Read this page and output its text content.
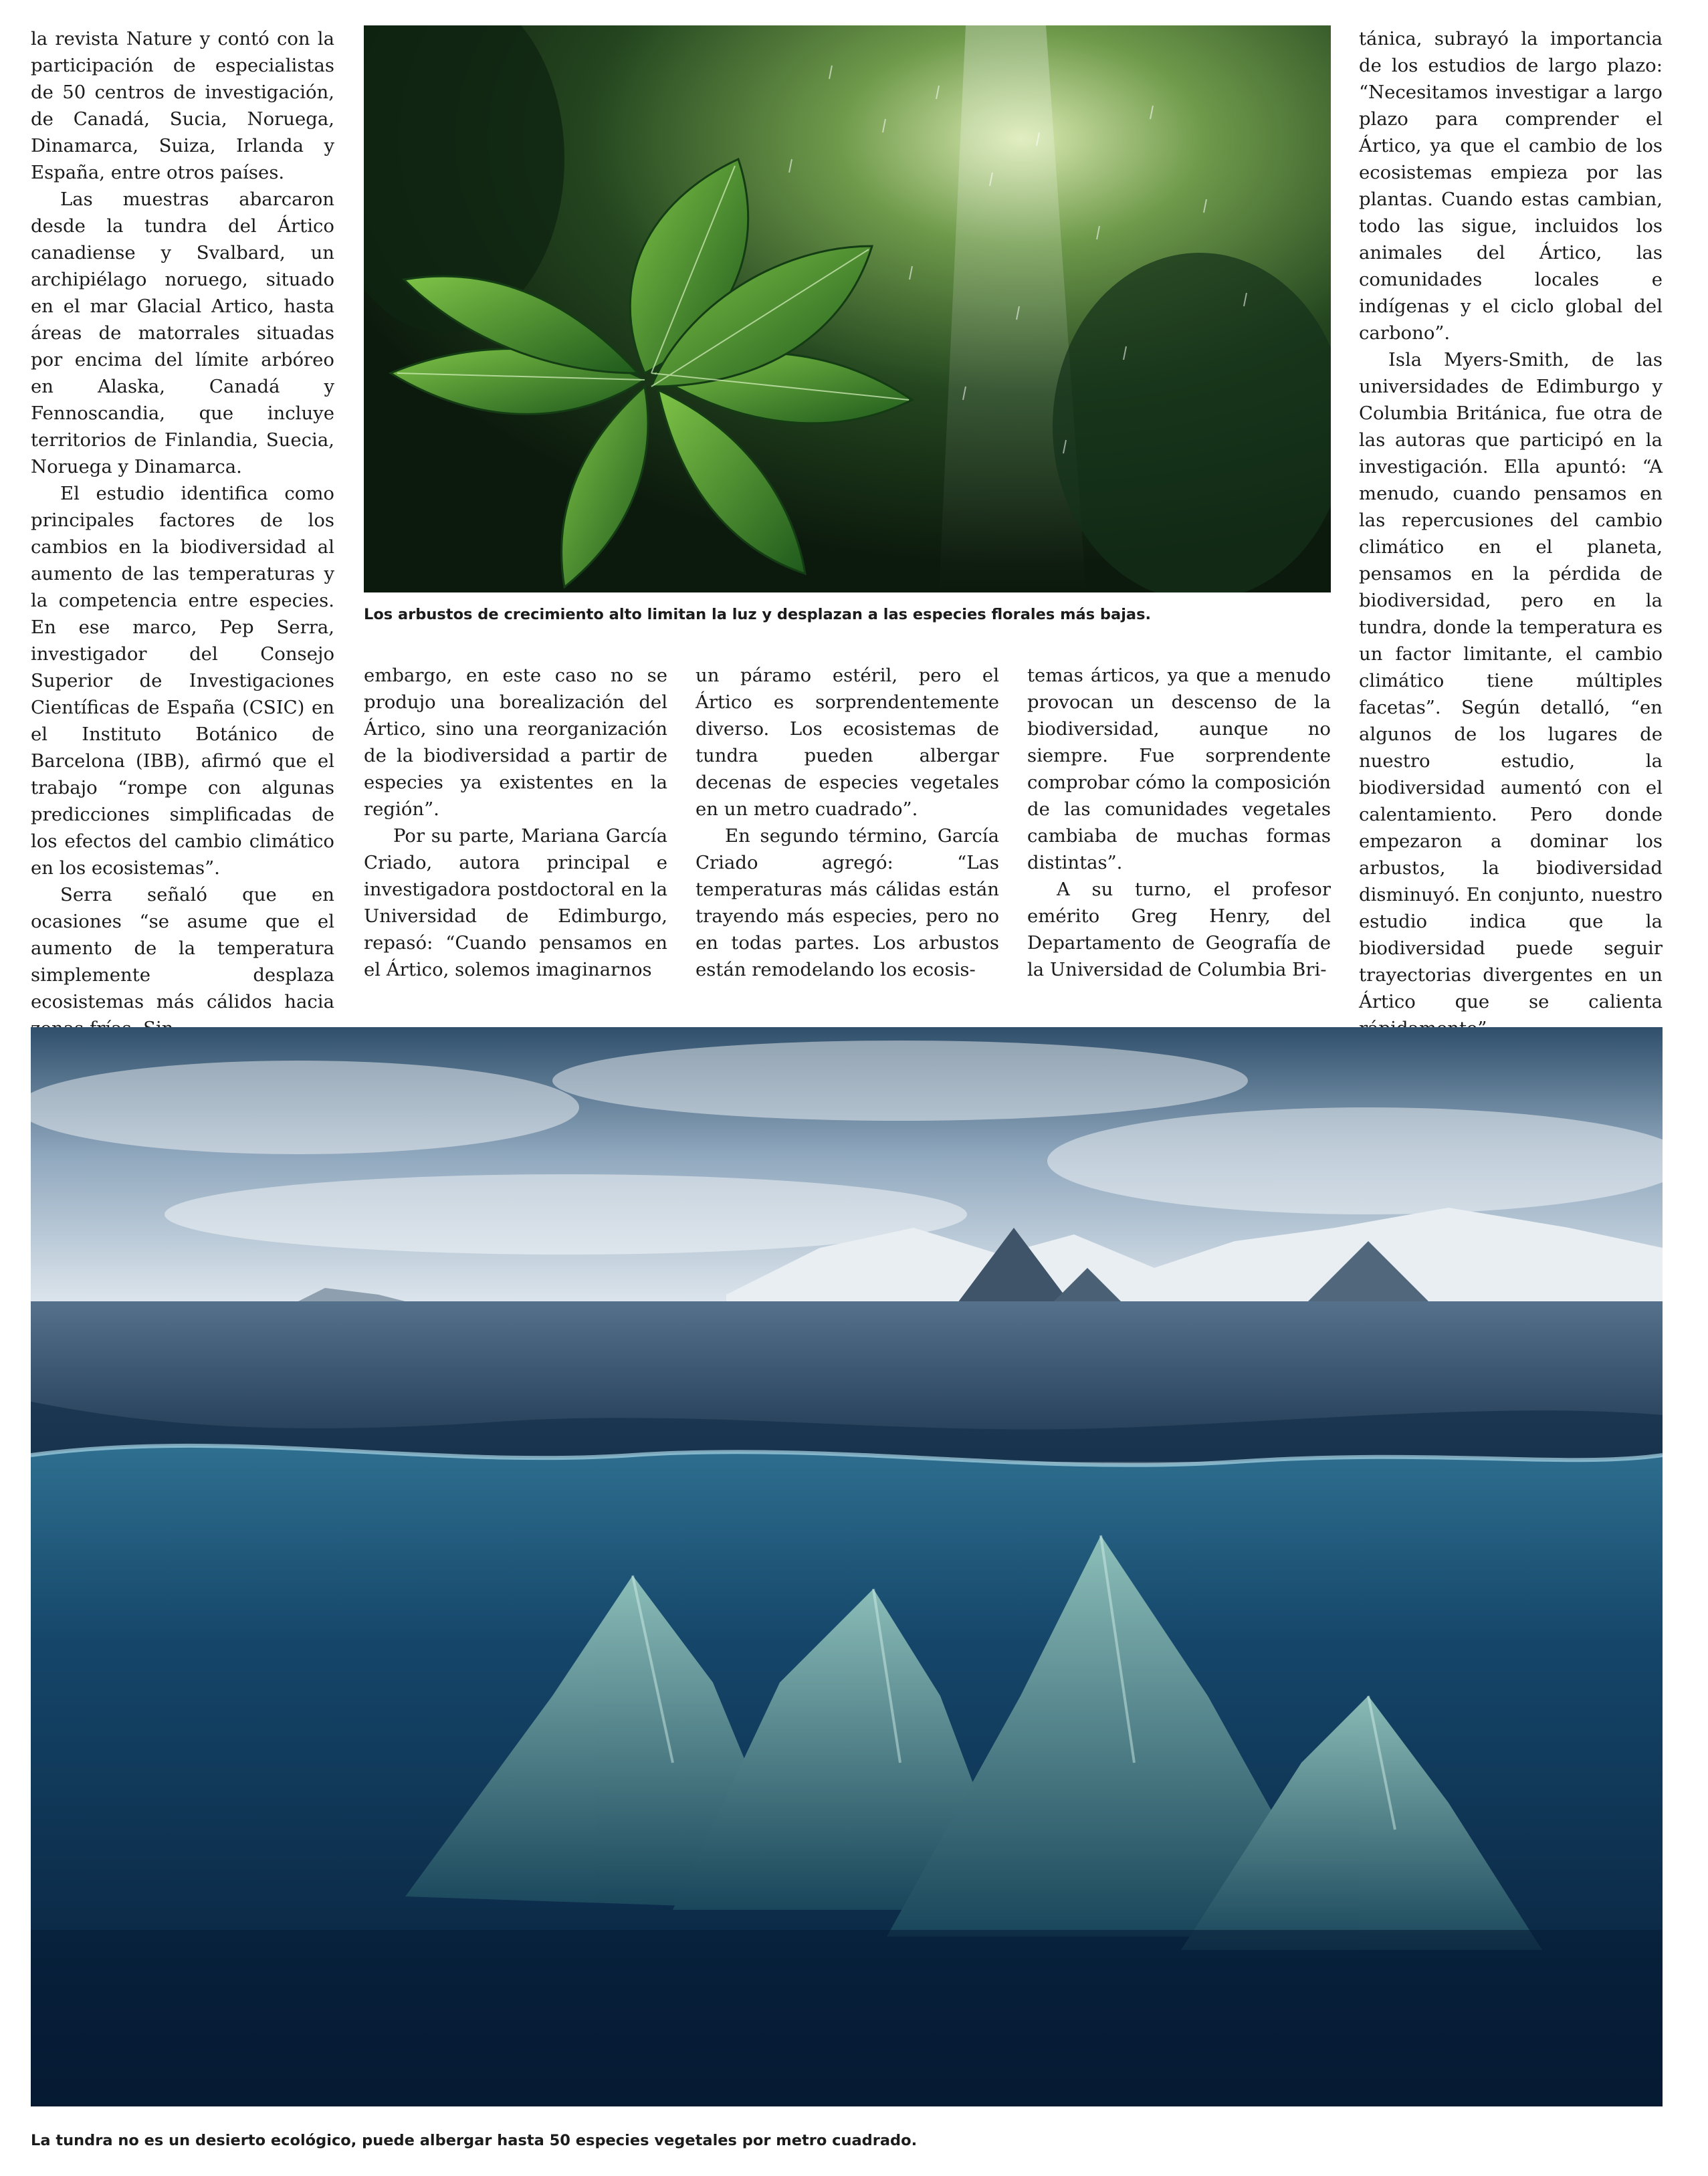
la revista Nature y contó con la participación de especialistas de 50 centros de investigación, de Canadá, Sucia, Noruega, Dinamarca, Suiza, Irlanda y España, entre otros países.

Las muestras abarcaron desde la tundra del Ártico canadiense y Svalbard, un archipiélago noruego, situado en el mar Glacial Artico, hasta áreas de matorrales situadas por encima del límite arbóreo en Alaska, Canadá y Fennoscandia, que incluye territorios de Finlandia, Suecia, Noruega y Dinamarca.

El estudio identifica como principales factores de los cambios en la biodiversidad al aumento de las temperaturas y la competencia entre especies. En ese marco, Pep Serra, investigador del Consejo Superior de Investigaciones Científicas de España (CSIC) en el Instituto Botánico de Barcelona (IBB), afirmó que el trabajo “rompe con algunas predicciones simplificadas de los efectos del cambio climático en los ecosistemas”.

Serra señaló que en ocasiones “se asume que el aumento de la temperatura simplemente desplaza ecosistemas más cálidos hacia

Los arbustos de crecimiento alto limitan la luz y desplazan a las especies florales más bajas.

embargo, en este caso no se produjo una borealización del Ártico, sino una reorganización de la biodiversidad a partir de especies ya existentes en la región”.

Por su parte, Mariana García Criado, autora principal e investigadora postdoctoral en la Universidad de Edimburgo, repasó: “Cuando pensamos en el Ártico, solemos imaginarnos

un páramo estéril, pero el Ártico es sorprendentemente diverso. Los ecosistemas de tundra pueden albergar decenas de especies vegetales en un metro cuadrado”.

En segundo término, García Criado agregó: “Las temperaturas más cálidas están trayendo más especies, pero no en todas partes. Los arbustos están remodelando los ecosis-

temas árticos, ya que a menudo provocan un descenso de la biodiversidad, aunque no siempre. Fue sorprendente comprobar cómo la composición de las comunidades vegetales cambiaba de muchas formas distintas”.

A su turno, el profesor emérito Greg Henry, del Departamento de Geografía de la Universidad de Columbia Bri-

tánica, subrayó la importancia de los estudios de largo plazo: “Necesitamos investigar a largo plazo para comprender el Ártico, ya que el cambio de los ecosistemas empieza por las plantas. Cuando estas cambian, todo las sigue, incluidos los animales del Ártico, las comunidades locales e indígenas y el ciclo global del carbono”.

Isla Myers-Smith, de las universidades de Edimburgo y Columbia Británica, fue otra de las autoras que participó en la investigación. Ella apuntó: “A menudo, cuando pensamos en las repercusiones del cambio climático en el planeta, pensamos en la pérdida de biodiversidad, pero en la tundra, donde la temperatura es un factor limitante, el cambio climático tiene múltiples facetas”. Según detalló, “en algunos de los lugares de nuestro estudio, la biodiversidad aumentó con el calentamiento. Pero donde empezaron a dominar los arbustos, la biodiversidad disminuyó. En conjunto, nuestro estudio indica que la biodiversidad puede seguir trayectorias divergentes en un Ártico que se calienta

La tundra no es un desierto ecológico, puede albergar hasta 50 especies vegetales por metro cuadrado.
